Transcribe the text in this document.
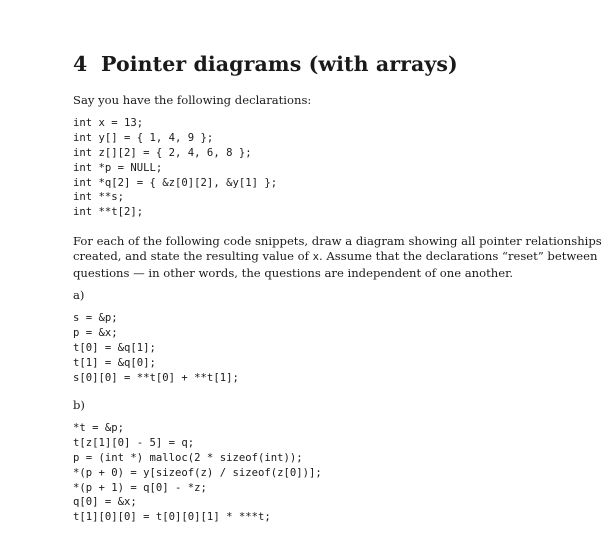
4 Pointer diagrams (with arrays)
Say you have the following declarations:
int x = 13;
int y[] = { 1, 4, 9 };
int z[][2] = { 2, 4, 6, 8 };
int *p = NULL;
int *q[2] = { &z[0][2], &y[1] };
int **s;
int **t[2];
For each of the following code snippets, draw a diagram showing all pointer relationships
created, and state the resulting value of x. Assume that the declarations “reset” between
questions — in other words, the questions are independent of one another.
a)
s = &p;
p = &x;
t[0] = &q[1];
t[1] = &q[0];
s[0][0] = **t[0] + **t[1];
b)
*t = &p;
t[z[1][0] - 5] = q;
p = (int *) malloc(2 * sizeof(int));
*(p + 0) = y[sizeof(z) / sizeof(z[0])];
*(p + 1) = q[0] - *z;
q[0] = &x;
t[1][0][0] = t[0][0][1] * ***t;
